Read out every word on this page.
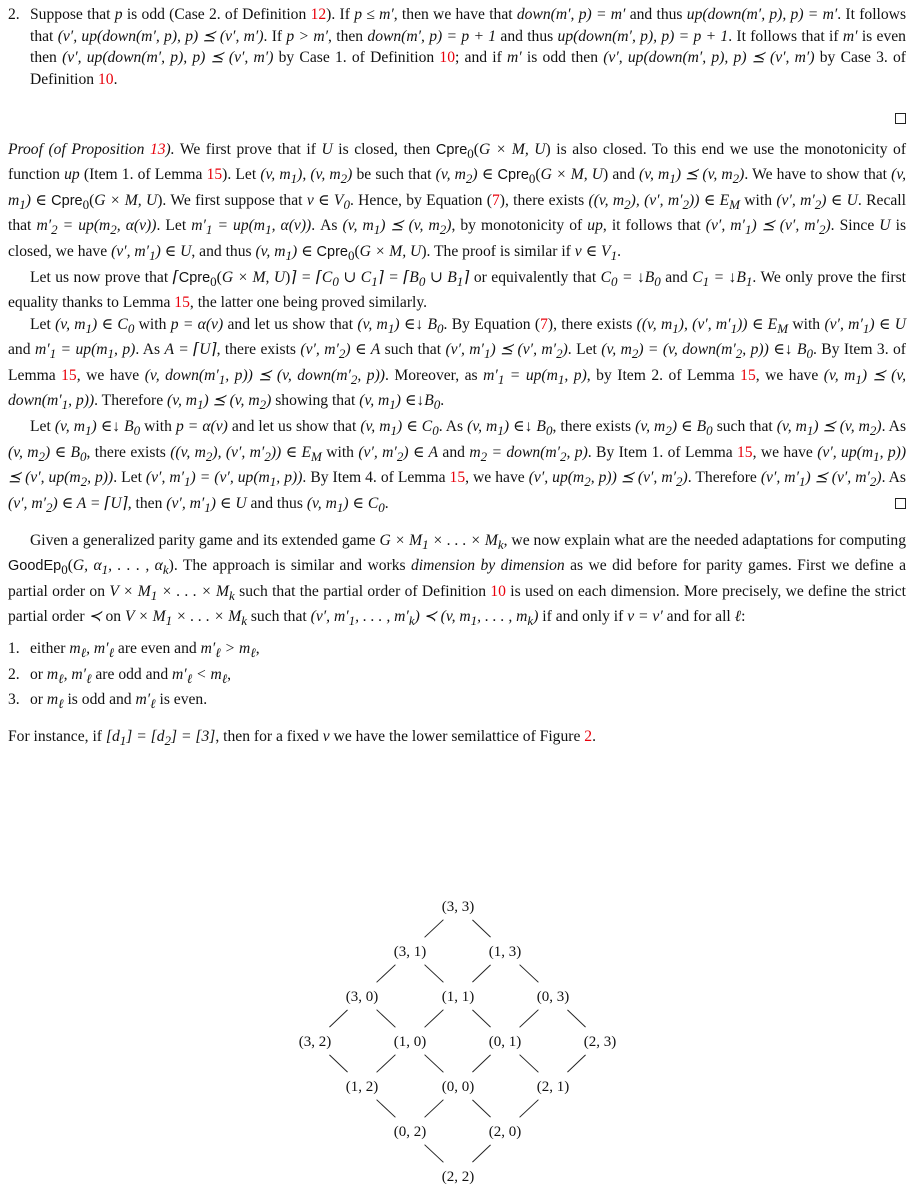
2. Suppose that p is odd (Case 2. of Definition 12). If p ≤ m′, then we have that down(m′, p) = m′ and thus up(down(m′, p), p) = m′. It follows that (v′, up(down(m′, p), p) ⪯ (v′, m′). If p > m′, then down(m′, p) = p + 1 and thus up(down(m′, p), p) = p + 1. It follows that if m′ is even then (v′, up(down(m′, p), p) ⪯ (v′, m′) by Case 1. of Definition 10; and if m′ is odd then (v′, up(down(m′, p), p) ⪯ (v′, m′) by Case 3. of Definition 10.

Proof (of Proposition 13). We first prove that if U is closed, then Cpre$_0$(G × M, U) is also closed. To this end we use the monotonicity of function up (Item 1. of Lemma 15). Let (v, $m_1$), (v, $m_2$) be such that (v, $m_2$) ∈ Cpre$_0$(G × M, U) and (v, $m_1$) ⪯ (v, $m_2$). We have to show that (v, $m_1$) ∈ Cpre$_0$(G × M, U). We first suppose that v ∈ $V_0$. Hence, by Equation (7), there exists ((v, $m_2$), (v′, $m'_2$)) ∈ $E_M$ with (v′, $m'_2$) ∈ U. Recall that $m'_2 = up(m_2$, α(v)). Let $m'_1 = up(m_1$, α(v)). As (v, $m_1$) ⪯ (v, $m_2$), by monotonicity of up, it follows that (v′, $m'_1$) ⪯ (v′, $m'_2$). Since U is closed, we have (v′, $m'_1$) ∈ U, and thus (v, $m_1$) ∈ Cpre$_0$(G × M, U). The proof is similar if v ∈ $V_1$.

Let us now prove that ⌈Cpre$_0$(G × M, U)⌉ = $⌈C_0$ ∪ $C_1⌉$ = $⌈B_0$ ∪ $B_1⌉$ or equivalently that $C_0$ = $↓B_0$ and $C_1$ = $↓B_1$. We only prove the first equality thanks to Lemma 15, the latter one being proved similarly.

Let (v, $m_1$) ∈ $C_0$ with p = α(v) and let us show that (v, $m_1$) ∈↓ $B_0$. By Equation (7), there exists ((v, $m_1$), (v′, $m'_1$)) ∈ $E_M$ with (v′, $m'_1$) ∈ U and $m'_1 = up(m_1$, p). As A = ⌈U⌉, there exists (v′, $m'_2$) ∈ A such that (v′, $m'_1$) ⪯ (v′, $m'_2$). Let (v, $m_2) = (v$, $down(m'_2$, p)) ∈↓ $B_0$. By Item 3. of Lemma 15, we have (v, $down(m'_1$, p)) ⪯ (v, $down(m'_2$, p)). Moreover, as $m'_1 = up(m_1$, p), by Item 2. of Lemma 15, we have (v, $m_1$) ⪯ (v, $down(m'_1$, p)). Therefore (v, $m_1$) ⪯ (v, $m_2$) showing that (v, $m_1$) $\in↓B_0$.

Let (v, $m_1$) ∈↓ $B_0$ with p = α(v) and let us show that (v, $m_1$) ∈ $C_0$. As (v, $m_1$) ∈↓ $B_0$, there exists (v, $m_2$) ∈ $B_0$ such that (v, $m_1$) ⪯ (v, $m_2$). As (v, $m_2$) ∈ $B_0$, there exists ((v, $m_2$), (v′, $m'_2$)) ∈ $E_M$ with (v′, $m'_2$) ∈ A and $m_2$ = $down(m'_2$, p). By Item 1. of Lemma 15, we have (v′, $up(m_1$, p)) ⪯ (v′, $up(m_2$, p)). Let (v′, $m'_1) = (v'$, $up(m_1$, p)). By Item 4. of Lemma 15, we have (v′, $up(m_2$, p)) ⪯ (v′, $m'_2$). Therefore (v′, $m'_1$) ⪯ (v′, $m'_2$). As (v′, $m'_2$) ∈ A = ⌈U⌉, then (v′, $m'_1$) ∈ U and thus (v, $m_1$) ∈ $C_0$.

Given a generalized parity game and its extended game $G \times M_1$ × . . . × $M_k$, we now explain what are the needed adaptations for computing GoodEp$_0$(G, $\alpha_1$, . . . , $\alpha_k$). The approach is similar and works dimension by dimension as we did before for parity games. First we define a partial order on $V \times M_1$ × . . . × $M_k$ such that the partial order of Definition 10 is used on each dimension. More precisely, we define the strict partial order ≺ on $V \times M_1$ × . . . × $M_k$ such that (v′, $m'_1$, . . . , $m'_k$) ≺ (v, $m_1$, . . . , $m_k$) if and only if v = v′ and for all ℓ:

1. either $m_\ell$, $m'_\ell$ are even and $m'_\ell > m_\ell$,
2. or $m_\ell$, $m'_\ell$ are odd and $m'_\ell < m_\ell$,
3. or $m_\ell$ is odd and $m'_\ell$ is even.

For instance, if $[d_1] = [d_2] = [3]$, then for a fixed v we have the lower semilattice of Figure 2.

(3, 3)
(3, 1)	(1, 3)
(3, 0)	(1, 1)	(0, 3)
(3, 2)	(1, 0)	(0, 1)	(2, 3)
(1, 2)	(0, 0)	(2, 1)
(0, 2)	(2, 0)
(2, 2)
